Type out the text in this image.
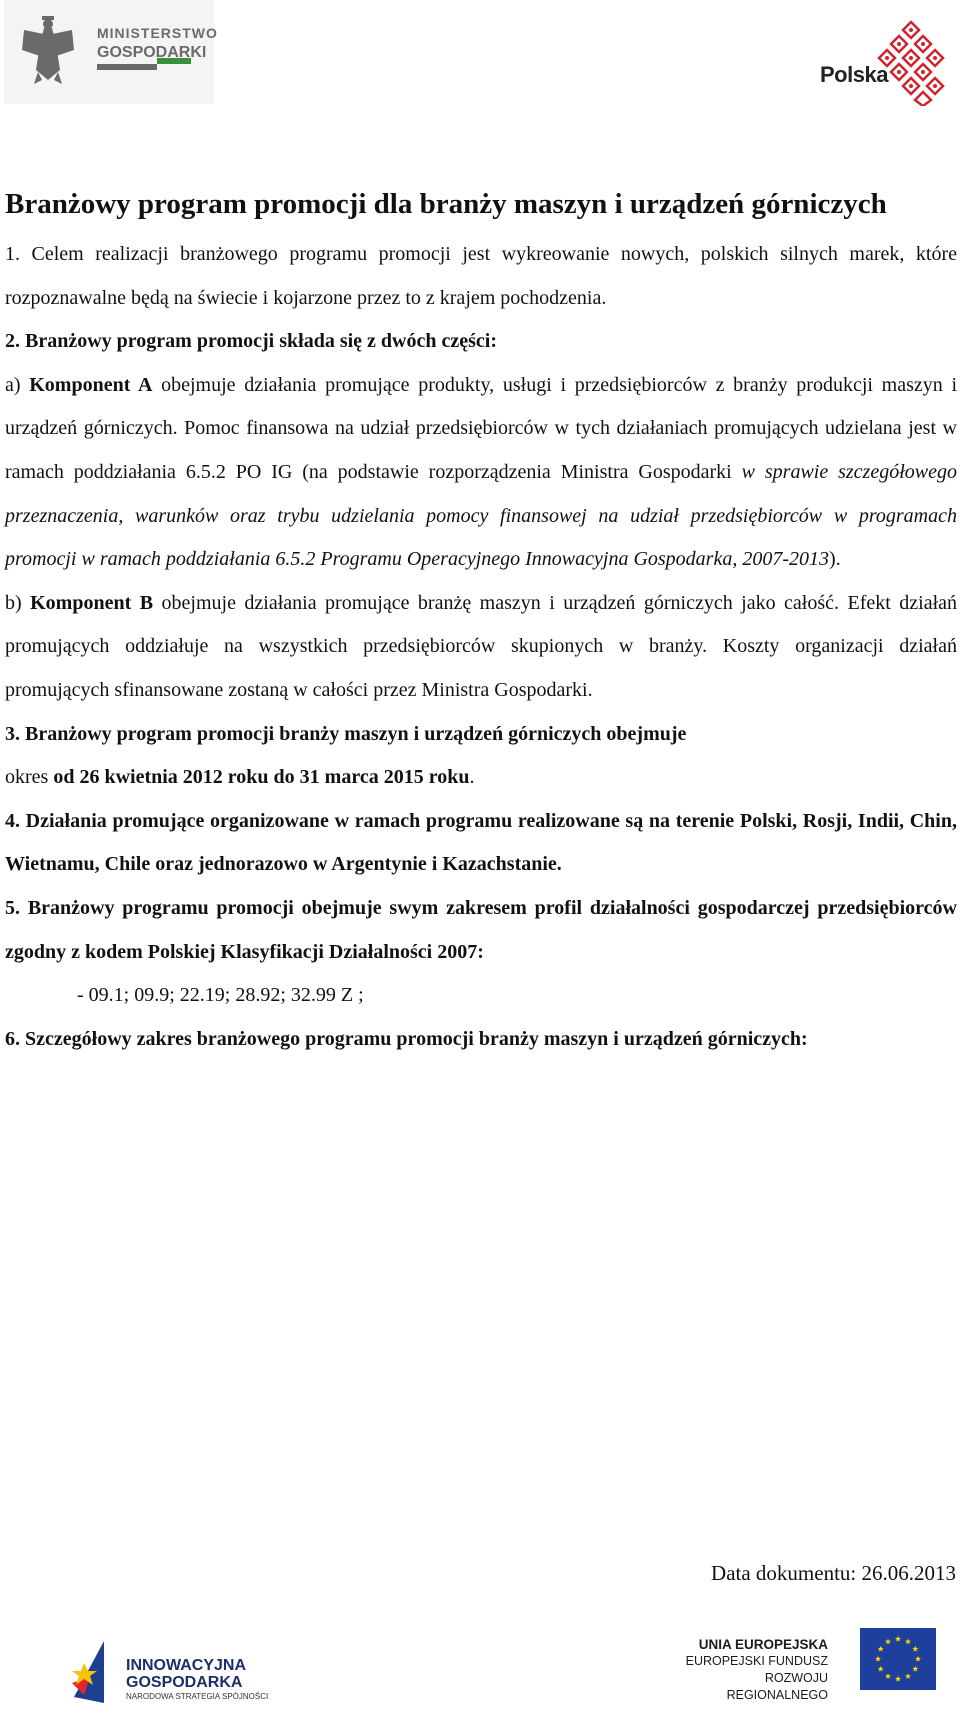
MINISTERSTWO
GOSPODARKI
Polska

Branżowy program promocji dla branży maszyn i urządzeń górniczych

1. Celem realizacji branżowego programu promocji jest wykreowanie nowych, polskich silnych marek, które rozpoznawalne będą na świecie i kojarzone przez to z krajem pochodzenia.

2. Branżowy program promocji składa się z dwóch części:

a) Komponent A obejmuje działania promujące produkty, usługi i przedsiębiorców z branży produkcji maszyn i urządzeń górniczych. Pomoc finansowa na udział przedsiębiorców w tych działaniach promujących udzielana jest w ramach poddziałania 6.5.2 PO IG (na podstawie rozporządzenia Ministra Gospodarki w sprawie szczegółowego przeznaczenia, warunków oraz trybu udzielania pomocy finansowej na udział przedsiębiorców w programach promocji w ramach poddziałania 6.5.2 Programu Operacyjnego Innowacyjna Gospodarka, 2007-2013).

b) Komponent B obejmuje działania promujące branżę maszyn i urządzeń górniczych jako całość. Efekt działań promujących oddziałuje na wszystkich przedsiębiorców skupionych w branży. Koszty organizacji działań promujących sfinansowane zostaną w całości przez Ministra Gospodarki.

3. Branżowy program promocji branży maszyn i urządzeń górniczych obejmuje

okres od 26 kwietnia 2012 roku do 31 marca 2015 roku.

4. Działania promujące organizowane w ramach programu realizowane są na terenie Polski, Rosji, Indii, Chin, Wietnamu, Chile oraz jednorazowo w Argentynie i Kazachstanie.

5. Branżowy programu promocji obejmuje swym zakresem profil działalności gospodarczej przedsiębiorców zgodny z kodem Polskiej Klasyfikacji Działalności 2007:

- 09.1; 09.9; 22.19; 28.92; 32.99 Z ;

6. Szczegółowy zakres branżowego programu promocji branży maszyn i urządzeń górniczych:

Data dokumentu: 26.06.2013
INNOWACYJNA
GOSPODARKA
NARODOWA STRATEGIA SPÓJNOŚCI
UNIA EUROPEJSKA
EUROPEJSKI FUNDUSZ
ROZWOJU REGIONALNEGO
